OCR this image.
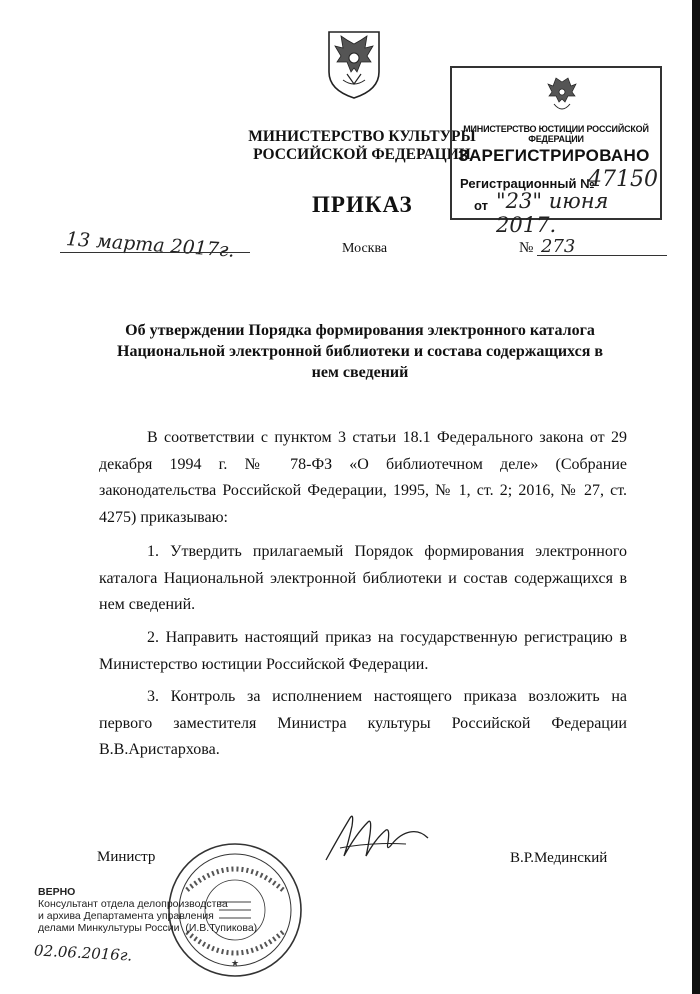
МИНИСТЕРСТВО КУЛЬТУРЫ
РОССИЙСКОЙ ФЕДЕРАЦИИ
МИНИСТЕРСТВО ЮСТИЦИИ РОССИЙСКОЙ ФЕДЕРАЦИИ
ЗАРЕГИСТРИРОВАНО
Регистрационный №
47150
от "23" июня 2017.
ПРИКАЗ
13 марта 2017г.	Москва	№ 273
Об утверждении Порядка формирования электронного каталога Национальной электронной библиотеки и состава содержащихся в нем сведений
В соответствии с пунктом 3 статьи 18.1 Федерального закона от 29 декабря 1994 г. № 78-ФЗ «О библиотечном деле» (Собрание законодательства Российской Федерации, 1995, № 1, ст. 2; 2016, № 27, ст. 4275) приказываю:
1. Утвердить прилагаемый Порядок формирования электронного каталога Национальной электронной библиотеки и состав содержащихся в нем сведений.
2. Направить настоящий приказ на государственную регистрацию в Министерство юстиции Российской Федерации.
3. Контроль за исполнением настоящего приказа возложить на первого заместителя Министра культуры Российской Федерации В.В.Аристархова.
Министр	В.Р.Мединский
★
ВЕРНО
Консультант отдела делопроизводства
и архива Департамента управления
делами Минкультуры России (И.В.Тупикова)
02.06.2016г.
